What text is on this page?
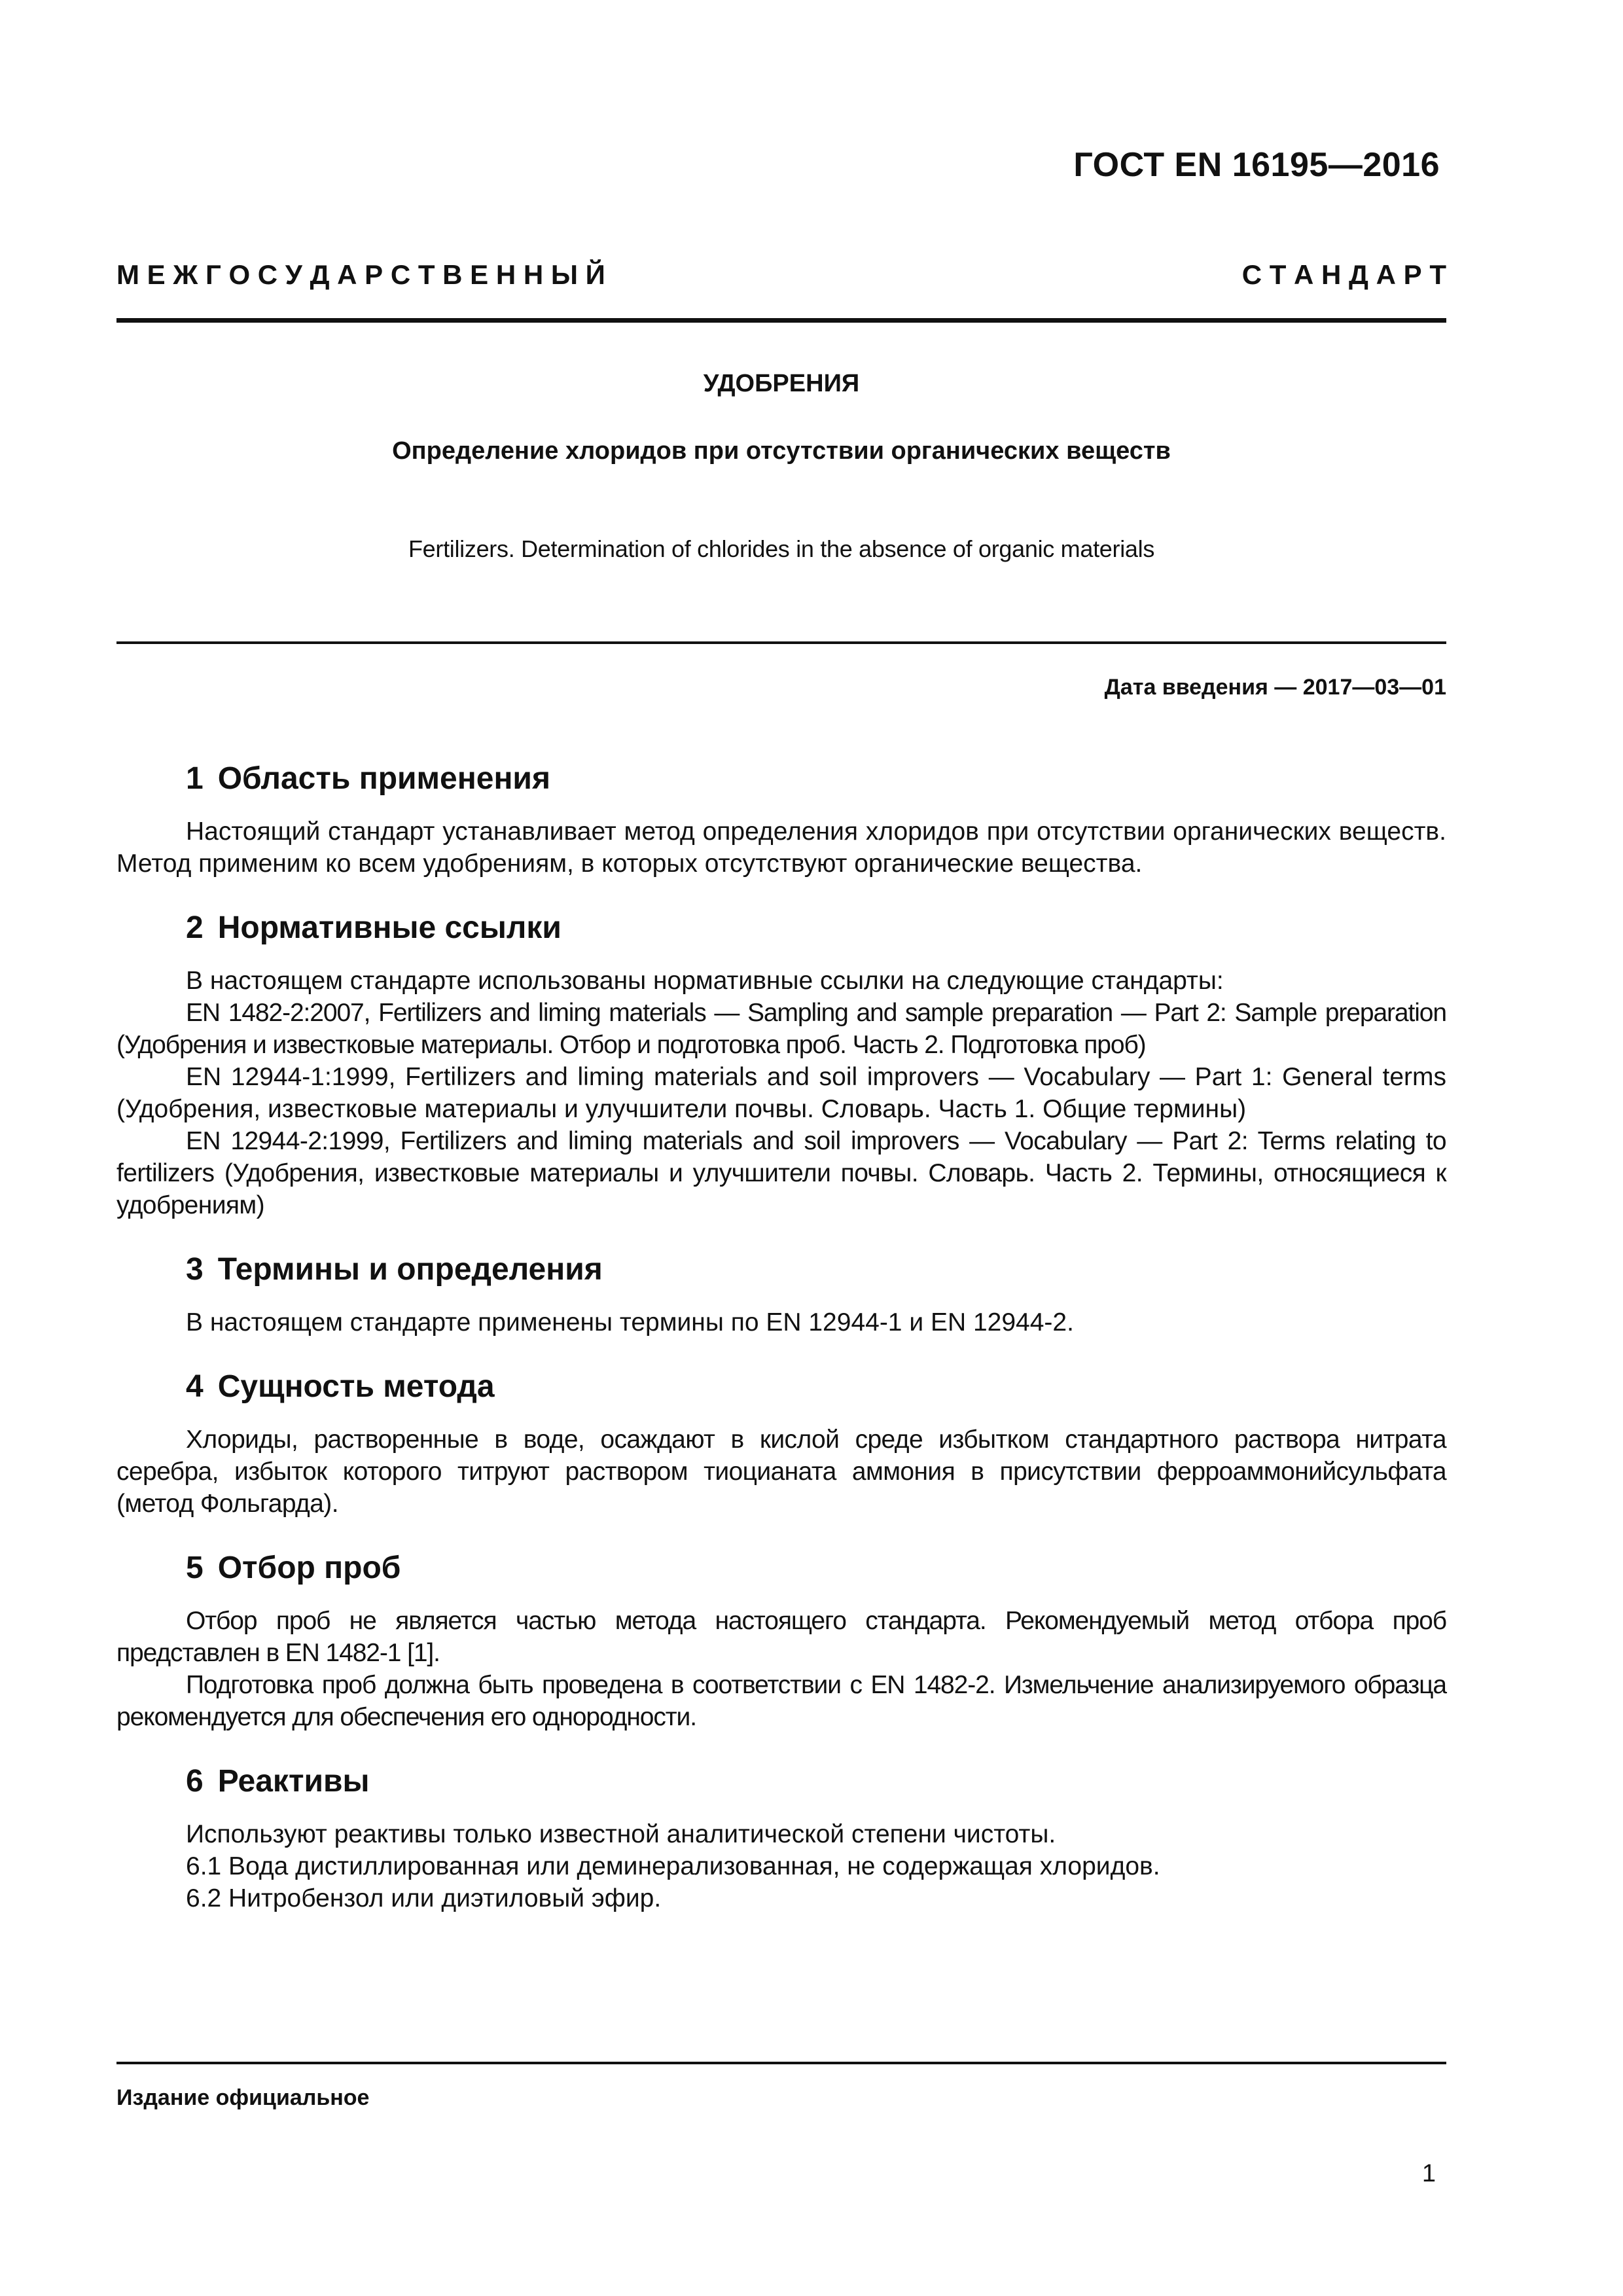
ГОСТ EN 16195—2016
М Е Ж Г О С У Д А Р С Т В Е Н Н Ы Й	С Т А Н Д А Р Т
УДОБРЕНИЯ
Определение хлоридов при отсутствии органических веществ
Fertilizers. Determination of chlorides in the absence of organic materials
Дата введения — 2017—03—01
1 Область применения

Настоящий стандарт устанавливает метод определения хлоридов при отсутствии органических веществ. Метод применим ко всем удобрениям, в которых отсутствуют органические вещества.

2 Нормативные ссылки

В настоящем стандарте использованы нормативные ссылки на следующие стандарты:

EN 1482-2:2007, Fertilizers and liming materials — Sampling and sample preparation — Part 2: Sample preparation (Удобрения и известковые материалы. Отбор и подготовка проб. Часть 2. Подготовка проб)

EN 12944-1:1999, Fertilizers and liming materials and soil improvers — Vocabulary — Part 1: General terms (Удобрения, известковые материалы и улучшители почвы. Словарь. Часть 1. Общие термины)

EN 12944-2:1999, Fertilizers and liming materials and soil improvers — Vocabulary — Part 2: Terms relating to fertilizers (Удобрения, известковые материалы и улучшители почвы. Словарь. Часть 2. Термины, относящиеся к удобрениям)

3 Термины и определения

В настоящем стандарте применены термины по EN 12944-1 и EN 12944-2.

4 Сущность метода

Хлориды, растворенные в воде, осаждают в кислой среде избытком стандартного раствора нитрата серебра, избыток которого титруют раствором тиоцианата аммония в присутствии ферроаммонийсульфата (метод Фольгарда).

5 Отбор проб

Отбор проб не является частью метода настоящего стандарта. Рекомендуемый метод отбора проб представлен в EN 1482-1 [1].

Подготовка проб должна быть проведена в соответствии с EN 1482-2. Измельчение анализируемого образца рекомендуется для обеспечения его однородности.

6 Реактивы

Используют реактивы только известной аналитической степени чистоты.

6.1 Вода дистиллированная или деминерализованная, не содержащая хлоридов.

6.2 Нитробензол или диэтиловый эфир.

Издание официальное
1
